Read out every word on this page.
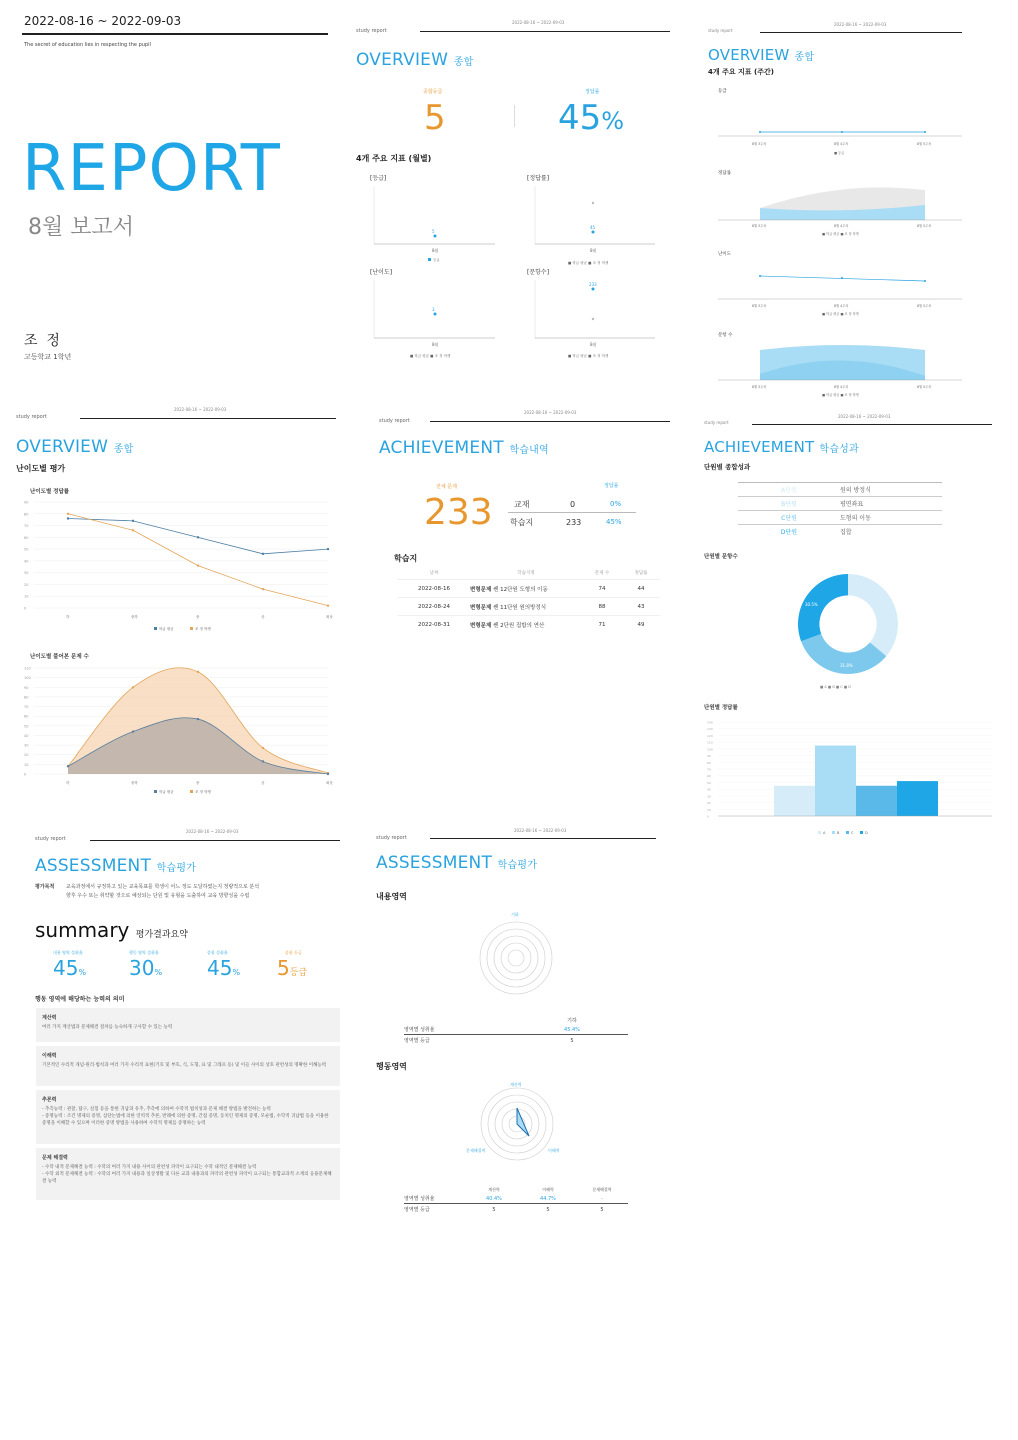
2022-08-16 ~ 2022-09-03
The secret of education lies in respecting the pupil
REPORT
8월 보고서
조  정
고등학교 1학년
study report
2022-08-16 ~ 2022-09-03
OVERVIEW 종합
종합등급
5
정답률
45%
4개 주요 지표 (월별)
[등급]
5
8월
등급
[정답률]
45
8월
■ 학급 평균 ■ 조 정 학생
[난이도]
3
8월
■ 학급 평균 ■ 조 정 학생
[문항수]
233
8월
■ 학급 평균 ■ 조 정 학생
study report
2022-08-16 ~ 2022-09-03
OVERVIEW 종합
4개 주요 지표 (주간)
등급
8월 3주차	8월 4주차	8월 5주차
■ 등급
정답률
8월 3주차	8월 4주차	8월 5주차
■ 학급 평균 ■ 조 정 학생
난이도
8월 3주차	8월 4주차	8월 5주차
■ 학급 평균 ■ 조 정 학생
문항 수
8월 3주차	8월 4주차	8월 5주차
■ 학급 평균 ■ 조 정 학생
study report
2022-08-16 ~ 2022-09-03
OVERVIEW 종합
난이도별 평가
난이도별 정답률
90
80
70
60
50
40
30
20
10
0
하	중하	중	상	최상
학급 평균	조 정 학생
난이도별 풀어본 문제 수
110
100
90
80
70
60
50
40
30
20
10
0
하	중하	중	상	최상
학급 평균	조 정 학생
study report
2022-08-16 ~ 2022-09-03
ACHIEVEMENT 학습내역
전체 문제
233
정답률
교재	0	0%
학습지	233	45%
학습지
날짜	학습지명	문제 수	정답률
2022-08-16	변형문제 쎈 12단원 도형의 이동	74	44
2022-08-24	변형문제 쎈 11단원 원의방정식	88	43
2022-08-31	변형문제 쎈 2단원 집합의 연산	71	49
study report
2022-08-16 ~ 2022-09-03
ACHIEVEMENT 학습성과
단원별 종합성과
A단원	원의 방정식
B단원	평면좌표
C단원	도형의 이동
D단원	집합
단원별 문항수
30.5%
31.8%
■ A ■ B ■ C ■ D
단원별 정답률
0
10
20
30
40
50
60
70
80
90
100
110
120
130
140
A	B	C	D
study report
2022-08-16 ~ 2022-09-03
ASSESSMENT 학습평가
평가목적 교육과정에서 규정하고 있는 교육목표를 학생이 어느 정도 도달하였는지 정량적으로 분석
향후 우수 또는 취약할 것으로 예상되는 단원 및 유형을 도출하여 교육 방향성을 수립
summary 평가결과요약
내용 영역 성취율
45%
행동 영역 성취율
30%
종합 성취율
45%
종합 등급
5등급
행동 영역에 해당하는 능력의 의미
계산력
여러 가지 계산법과 문제해결 절차를 능숙하게 구사할 수 있는 능력
이해력
기본적인 수리적 개념·원리·법칙과 여러 가지 수리적 표현(기호 및 부호, 식, 도형, 표 및 그래프 등) 및 이들 사이의 상호 관련성의 명확한 이해능력
추론력
- 추측능력 : 관찰, 탐구, 실험 등을 통한 귀납과 유추, 추측에 의하여 수학적 법칙성과 문제 해결 방법을 발견하는 능력
- 증명능력 : 조건 명제의 증명, 삼단논법에 의한 연역적 추론, 반례에 의한 증명, 간접 증명, 동치인 명제의 증명, 모순법, 수학적 귀납법 등을 이용한 증명을 이해할 수 있으며 이러한 증명 방법을 사용하여 수학적 명제를 증명하는 능력
문제 해결력
- 수학 내적 문제해결 능력 : 수학의 여러 가지 내용 사이의 관련성 파악이 요구되는 수학 내적인 문제해결 능력
- 수학 외적 문제해결 능력 : 수학의 여러 가지 내용과 일상생활 및 다른 교과 내용과의 파악의 관련성 파악이 요구되는 통합교과적 소재의 응용문제해결 능력
study report
2022-08-16 ~ 2022-09-03
ASSESSMENT 학습평가
내용영역
기하
기하
영역별 성취율	45.4%
영역별 등급	5
행동영역
계산력
이해력
문제해결력
계산력	이해력	문제해결력
영역별 성취율	40.4%	44.7%	-
영역별 등급	5	5	5
